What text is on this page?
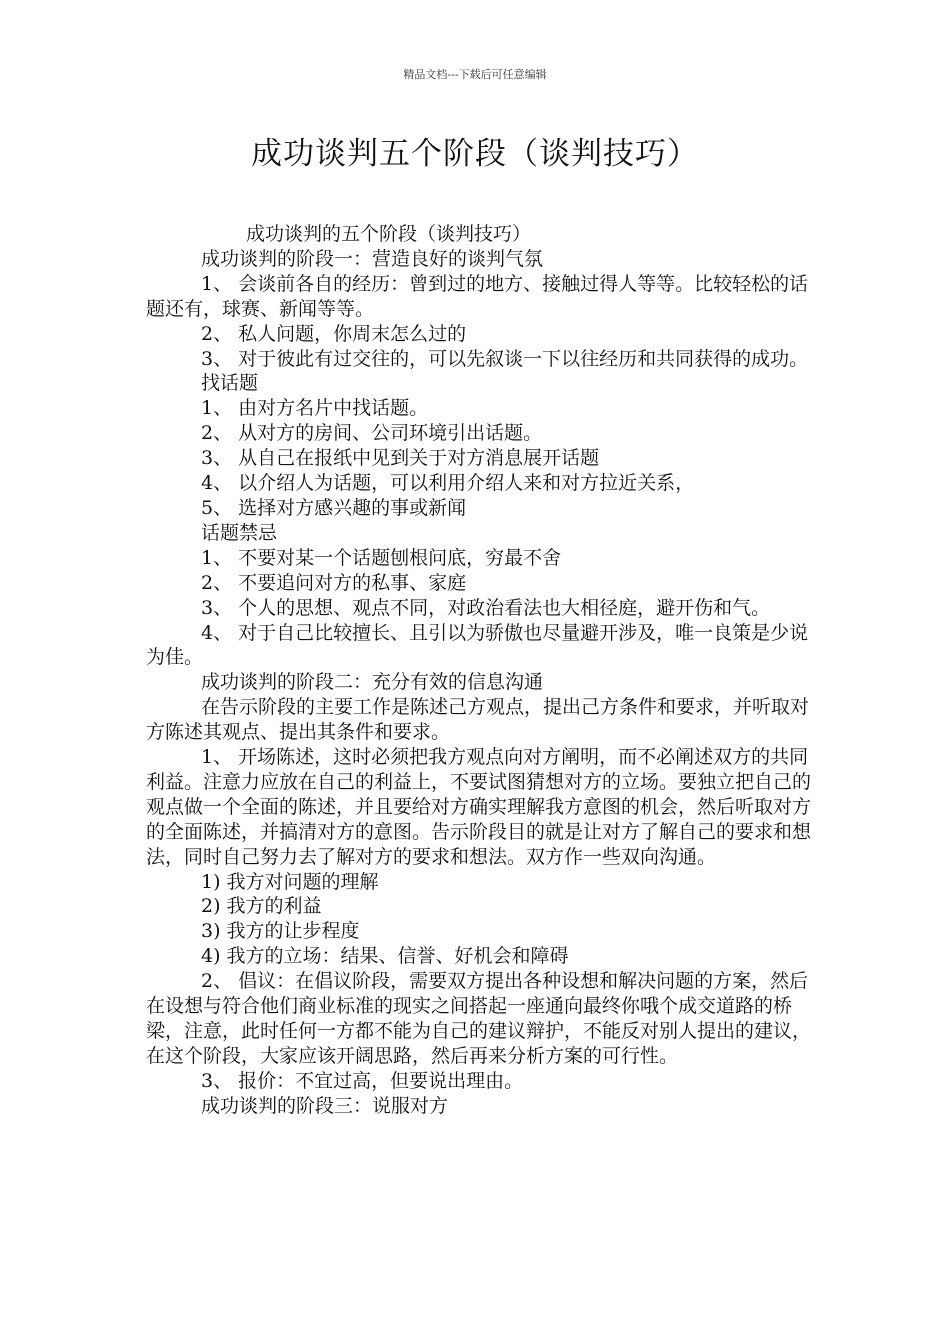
精品文档---下载后可任意编辑
成功谈判五个阶段（谈判技巧）

成功谈判的五个阶段（谈判技巧）

成功谈判的阶段一：营造良好的谈判气氛

1、 会谈前各自的经历：曾到过的地方、接触过得人等等。比较轻松的话题还有，球赛、新闻等等。

2、 私人问题，你周末怎么过的

3、 对于彼此有过交往的，可以先叙谈一下以往经历和共同获得的成功。

找话题

1、 由对方名片中找话题。

2、 从对方的房间、公司环境引出话题。

3、 从自己在报纸中见到关于对方消息展开话题

4、 以介绍人为话题，可以利用介绍人来和对方拉近关系，

5、 选择对方感兴趣的事或新闻

话题禁忌

1、 不要对某一个话题刨根问底，穷最不舍

2、 不要追问对方的私事、家庭

3、 个人的思想、观点不同，对政治看法也大相径庭，避开伤和气。

4、 对于自己比较擅长、且引以为骄傲也尽量避开涉及，唯一良策是少说为佳。

成功谈判的阶段二：充分有效的信息沟通

在告示阶段的主要工作是陈述己方观点，提出己方条件和要求，并听取对方陈述其观点、提出其条件和要求。

1、 开场陈述，这时必须把我方观点向对方阐明，而不必阐述双方的共同利益。注意力应放在自己的利益上，不要试图猜想对方的立场。要独立把自己的观点做一个全面的陈述，并且要给对方确实理解我方意图的机会，然后听取对方的全面陈述，并搞清对方的意图。告示阶段目的就是让对方了解自己的要求和想法，同时自己努力去了解对方的要求和想法。双方作一些双向沟通。

1) 我方对问题的理解

2) 我方的利益

3) 我方的让步程度

4) 我方的立场：结果、信誉、好机会和障碍

2、 倡议：在倡议阶段，需要双方提出各种设想和解决问题的方案，然后在设想与符合他们商业标准的现实之间搭起一座通向最终你哦个成交道路的桥梁，注意，此时任何一方都不能为自己的建议辩护，不能反对别人提出的建议，在这个阶段，大家应该开阔思路，然后再来分析方案的可行性。

3、 报价：不宜过高，但要说出理由。

成功谈判的阶段三：说服对方
